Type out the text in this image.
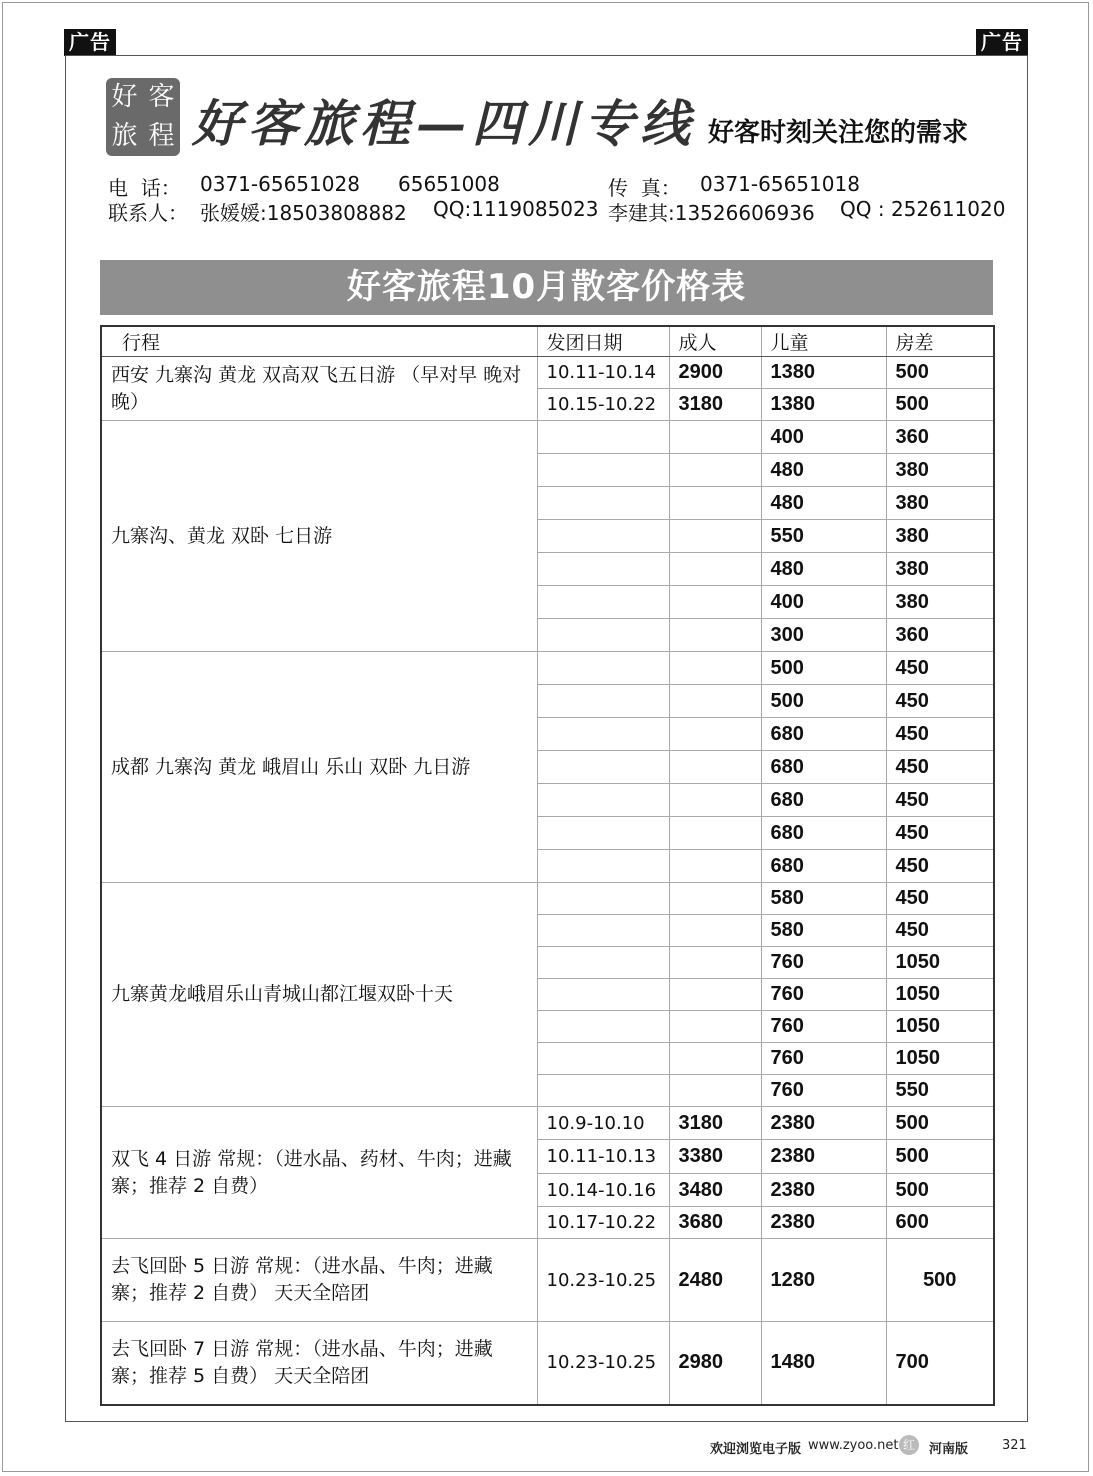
广告	广告
好 客
旅 程 好客旅程—四川专线 好客时刻关注您的需求

电  话：

0371-65651028

65651008

	传  真：

0371-65651018

联系人：

张媛媛:18503808882

QQ:1119085023

李建其:13526606936

QQ : 252611020

好客旅程10月散客价格表
行程	发团日期	成人	儿童	房差
西安 九寨沟 黄龙 双高双飞五日游 （早对早 晚对晚）	10.11-10.14	2900	1380	500
	10.15-10.22	3180	1380	500
九寨沟、黄龙 双卧 七日游			400	360
			480	380
			480	380
			550	380
			480	380
			400	380
			300	360
成都 九寨沟 黄龙 峨眉山 乐山 双卧 九日游			500	450
			500	450
			680	450
			680	450
			680	450
			680	450
			680	450
九寨黄龙峨眉乐山青城山都江堰双卧十天			580	450
			580	450
			760	1050
			760	1050
			760	1050
			760	1050
			760	550
双飞 4 日游 常规：（进水晶、药材、牛肉；进藏寨；推荐 2 自费）	10.9-10.10	3180	2380	500
	10.11-10.13	3380	2380	500
	10.14-10.16	3480	2380	500
	10.17-10.22	3680	2380	600
去飞回卧 5 日游 常规：（进水晶、牛肉；进藏寨；推荐 2 自费） 天天全陪团	10.23-10.25	2480	1280	500
去飞回卧 7 日游 常规：（进水晶、牛肉；进藏寨；推荐 5 自费） 天天全陪团	10.23-10.25	2980	1480	700
欢迎浏览电子版 www.zyoo.net 红	河南版	321
